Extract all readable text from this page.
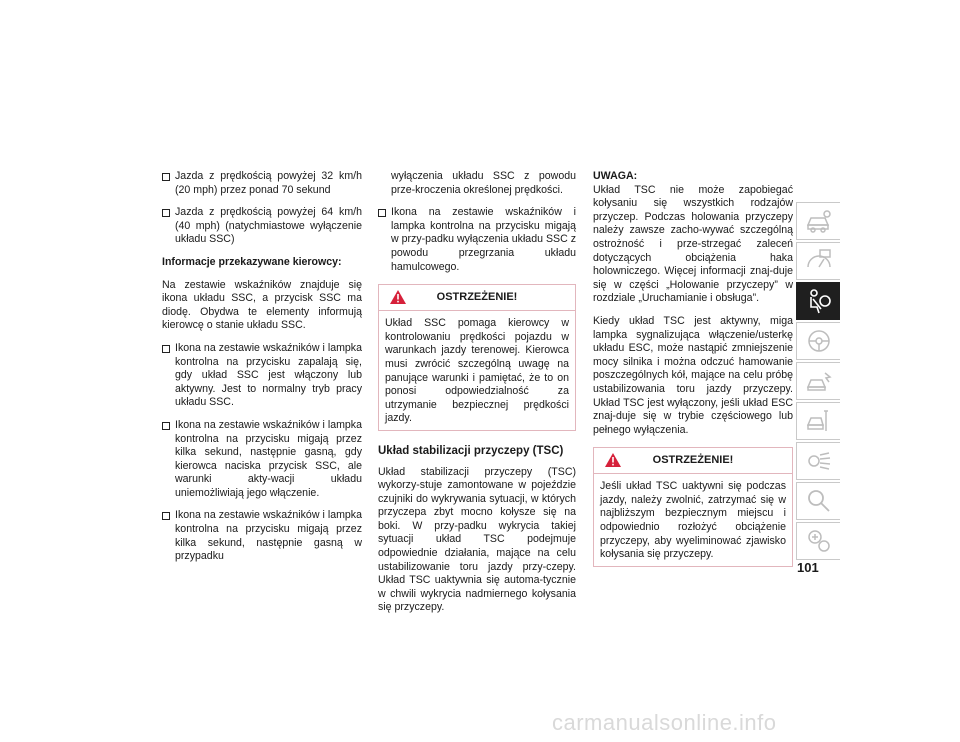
Jazda z prędkością powyżej 32 km/h (20 mph) przez ponad 70 sekund
Jazda z prędkością powyżej 64 km/h (40 mph) (natychmiastowe wyłączenie układu SSC)

Informacje przekazywane kierowcy:

Na zestawie wskaźników znajduje się ikona układu SSC, a przycisk SSC ma diodę. Obydwa te elementy informują kierowcę o stanie układu SSC.

Ikona na zestawie wskaźników i lampka kontrolna na przycisku zapalają się, gdy układ SSC jest włączony lub aktywny. Jest to normalny tryb pracy układu SSC.
Ikona na zestawie wskaźników i lampka kontrolna na przycisku migają przez kilka sekund, następnie gasną, gdy kierowca naciska przycisk SSC, ale warunki akty-wacji układu uniemożliwiają jego włączenie.
Ikona na zestawie wskaźników i lampka kontrolna na przycisku migają przez kilka sekund, następnie gasną w przypadku

wyłączenia układu SSC z powodu prze-kroczenia określonej prędkości.

Ikona na zestawie wskaźników i lampka kontrolna na przycisku migają w przy-padku wyłączenia układu SSC z powodu przegrzania układu hamulcowego.
OSTRZEŻENIE!
Układ SSC pomaga kierowcy w kontrolowaniu prędkości pojazdu w warunkach jazdy terenowej. Kierowca musi zwrócić szczególną uwagę na panujące warunki i pamiętać, że to on ponosi odpowiedzialność za utrzymanie bezpiecznej prędkości jazdy.
Układ stabilizacji przyczepy (TSC)

Układ stabilizacji przyczepy (TSC) wykorzy-stuje zamontowane w pojeździe czujniki do wykrywania sytuacji, w których przyczepa zbyt mocno kołysze się na boki. W przy-padku wykrycia takiej sytuacji układ TSC podejmuje odpowiednie działania, mające na celu ustabilizowanie toru jazdy przy-czepy. Układ TSC uaktywnia się automa-tycznie w chwili wykrycia nadmiernego kołysania się przyczepy.

UWAGA:

Układ TSC nie może zapobiegać kołysaniu się wszystkich rodzajów przyczep. Podczas holowania przyczepy należy zawsze zacho-wywać szczególną ostrożność i prze-strzegać zaleceń dotyczących obciążenia haka holowniczego. Więcej informacji znaj-duje się w części „Holowanie przyczepy” w rozdziale „Uruchamianie i obsługa”.

Kiedy układ TSC jest aktywny, miga lampka sygnalizująca włączenie/usterkę układu ESC, może nastąpić zmniejszenie mocy silnika i można odczuć hamowanie poszczególnych kół, mające na celu próbę ustabilizowania toru jazdy przyczepy. Układ TSC jest wyłączony, jeśli układ ESC znaj-duje się w trybie częściowego lub pełnego wyłączenia.

OSTRZEŻENIE!
Jeśli układ TSC uaktywni się podczas jazdy, należy zwolnić, zatrzymać się w najbliższym bezpiecznym miejscu i odpowiednio rozłożyć obciążenie przyczepy, aby wyeliminować zjawisko kołysania się przyczepy.
101
carmanualsonline.info
